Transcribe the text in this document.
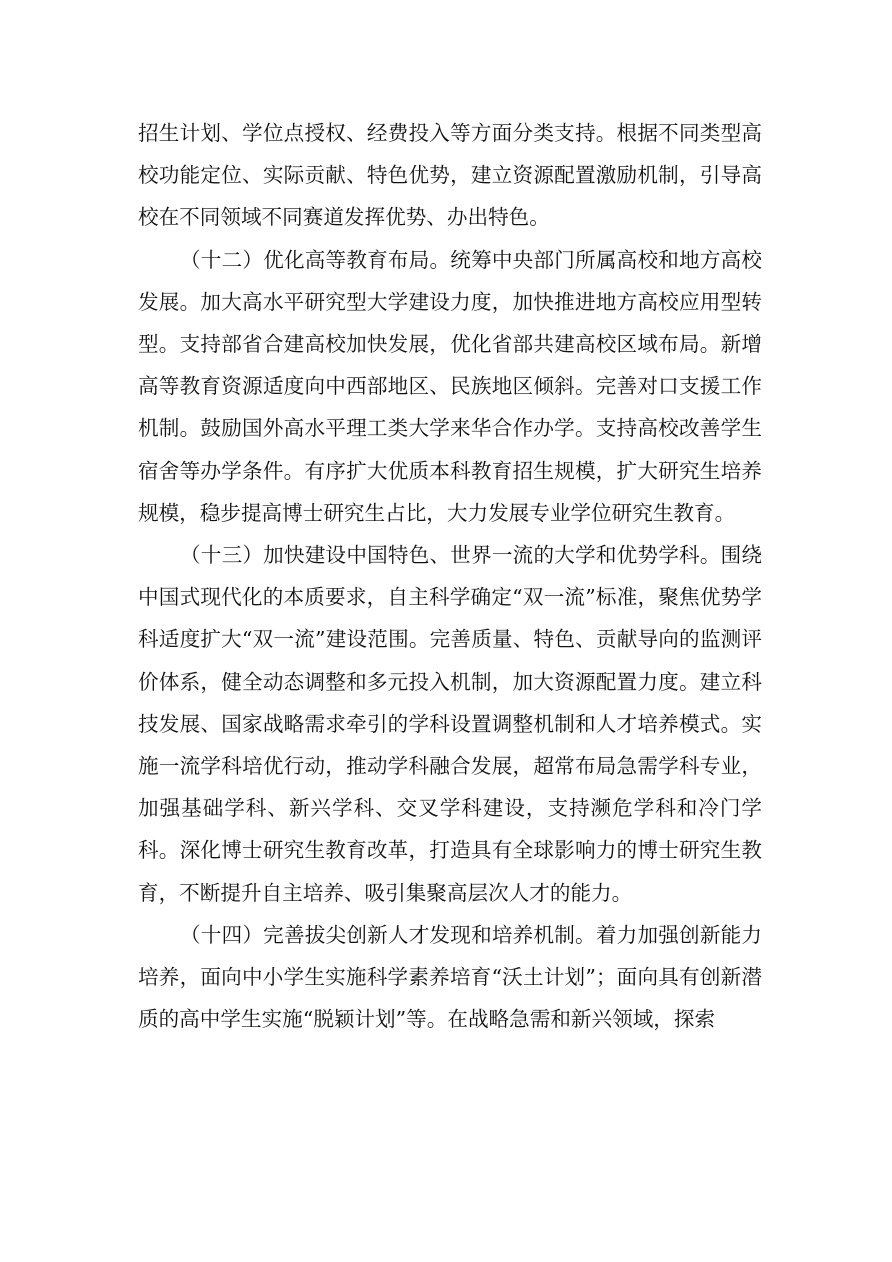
招生计划、学位点授权、经费投入等方面分类支持。根据不同类型高校功能定位、实际贡献、特色优势，建立资源配置激励机制，引导高校在不同领域不同赛道发挥优势、办出特色。

（十二）优化高等教育布局。统筹中央部门所属高校和地方高校发展。加大高水平研究型大学建设力度，加快推进地方高校应用型转型。支持部省合建高校加快发展，优化省部共建高校区域布局。新增高等教育资源适度向中西部地区、民族地区倾斜。完善对口支援工作机制。鼓励国外高水平理工类大学来华合作办学。支持高校改善学生宿舍等办学条件。有序扩大优质本科教育招生规模，扩大研究生培养规模，稳步提高博士研究生占比，大力发展专业学位研究生教育。

（十三）加快建设中国特色、世界一流的大学和优势学科。围绕中国式现代化的本质要求，自主科学确定“双一流”标准，聚焦优势学科适度扩大“双一流”建设范围。完善质量、特色、贡献导向的监测评价体系，健全动态调整和多元投入机制，加大资源配置力度。建立科技发展、国家战略需求牵引的学科设置调整机制和人才培养模式。实施一流学科培优行动，推动学科融合发展，超常布局急需学科专业，加强基础学科、新兴学科、交叉学科建设，支持濒危学科和冷门学科。深化博士研究生教育改革，打造具有全球影响力的博士研究生教育，不断提升自主培养、吸引集聚高层次人才的能力。

（十四）完善拔尖创新人才发现和培养机制。着力加强创新能力培养，面向中小学生实施科学素养培育“沃土计划”；面向具有创新潜质的高中学生实施“脱颖计划”等。在战略急需和新兴领域，探索
